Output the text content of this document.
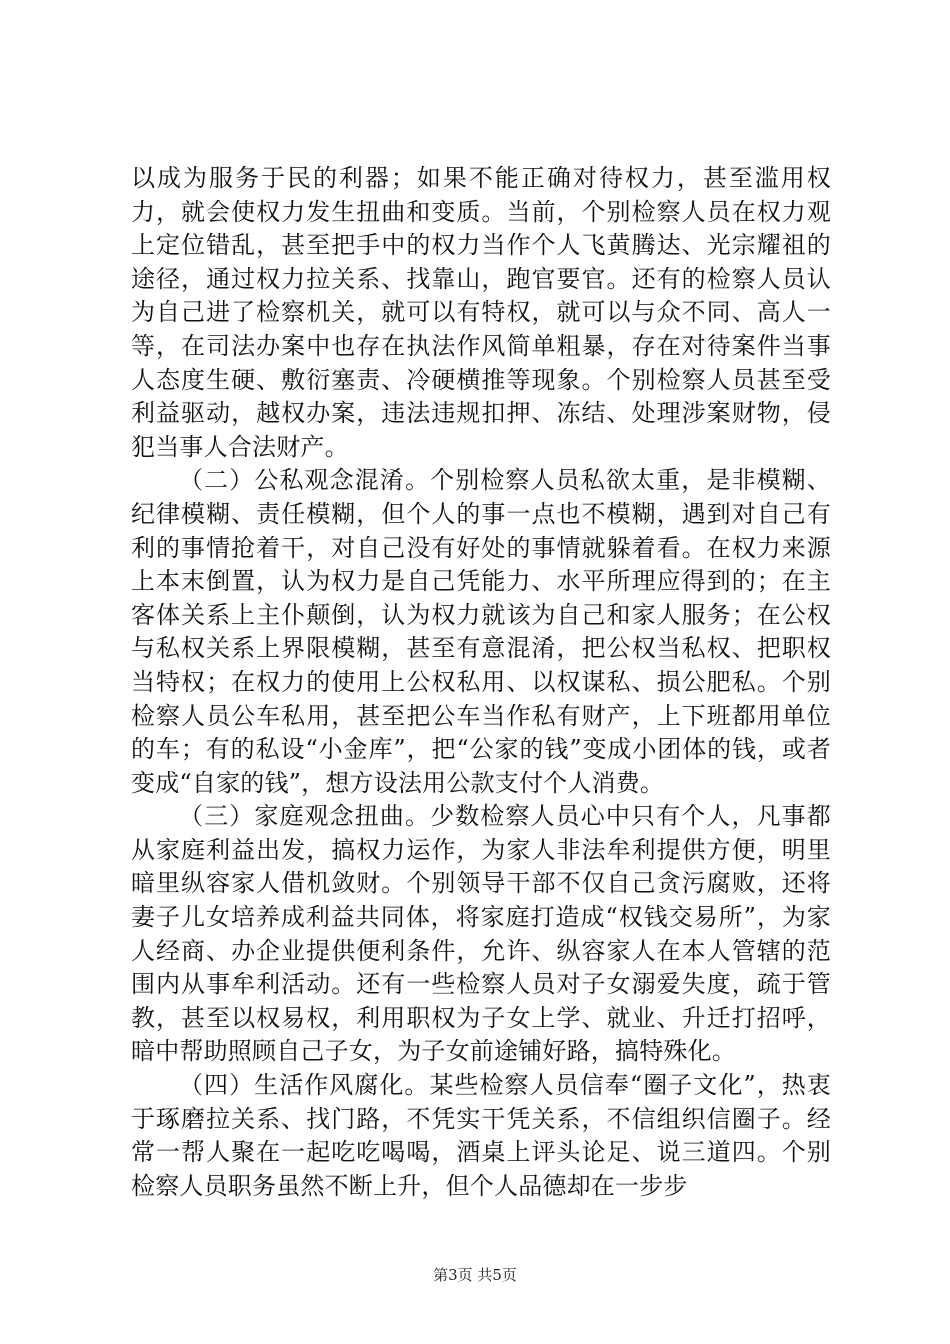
以成为服务于民的利器；如果不能正确对待权力，甚至滥用权力，就会使权力发生扭曲和变质。当前，个别检察人员在权力观上定位错乱，甚至把手中的权力当作个人飞黄腾达、光宗耀祖的途径，通过权力拉关系、找靠山，跑官要官。还有的检察人员认为自己进了检察机关，就可以有特权，就可以与众不同、高人一等，在司法办案中也存在执法作风简单粗暴，存在对待案件当事人态度生硬、敷衍塞责、冷硬横推等现象。个别检察人员甚至受利益驱动，越权办案，违法违规扣押、冻结、处理涉案财物，侵犯当事人合法财产。

（二）公私观念混淆。个别检察人员私欲太重，是非模糊、纪律模糊、责任模糊，但个人的事一点也不模糊，遇到对自己有利的事情抢着干，对自己没有好处的事情就躲着看。在权力来源上本末倒置，认为权力是自己凭能力、水平所理应得到的；在主客体关系上主仆颠倒，认为权力就该为自己和家人服务；在公权与私权关系上界限模糊，甚至有意混淆，把公权当私权、把职权当特权；在权力的使用上公权私用、以权谋私、损公肥私。个别检察人员公车私用，甚至把公车当作私有财产，上下班都用单位的车；有的私设“小金库”，把“公家的钱”变成小团体的钱，或者变成“自家的钱”，想方设法用公款支付个人消费。

（三）家庭观念扭曲。少数检察人员心中只有个人，凡事都从家庭利益出发，搞权力运作，为家人非法牟利提供方便，明里暗里纵容家人借机敛财。个别领导干部不仅自己贪污腐败，还将妻子儿女培养成利益共同体，将家庭打造成“权钱交易所”，为家人经商、办企业提供便利条件，允许、纵容家人在本人管辖的范围内从事牟利活动。还有一些检察人员对子女溺爱失度，疏于管教，甚至以权易权，利用职权为子女上学、就业、升迁打招呼，暗中帮助照顾自己子女，为子女前途铺好路，搞特殊化。

（四）生活作风腐化。某些检察人员信奉“圈子文化”，热衷于琢磨拉关系、找门路，不凭实干凭关系，不信组织信圈子。经常一帮人聚在一起吃吃喝喝，酒桌上评头论足、说三道四。个别检察人员职务虽然不断上升，但个人品德却在一步步

第3页 共5页
